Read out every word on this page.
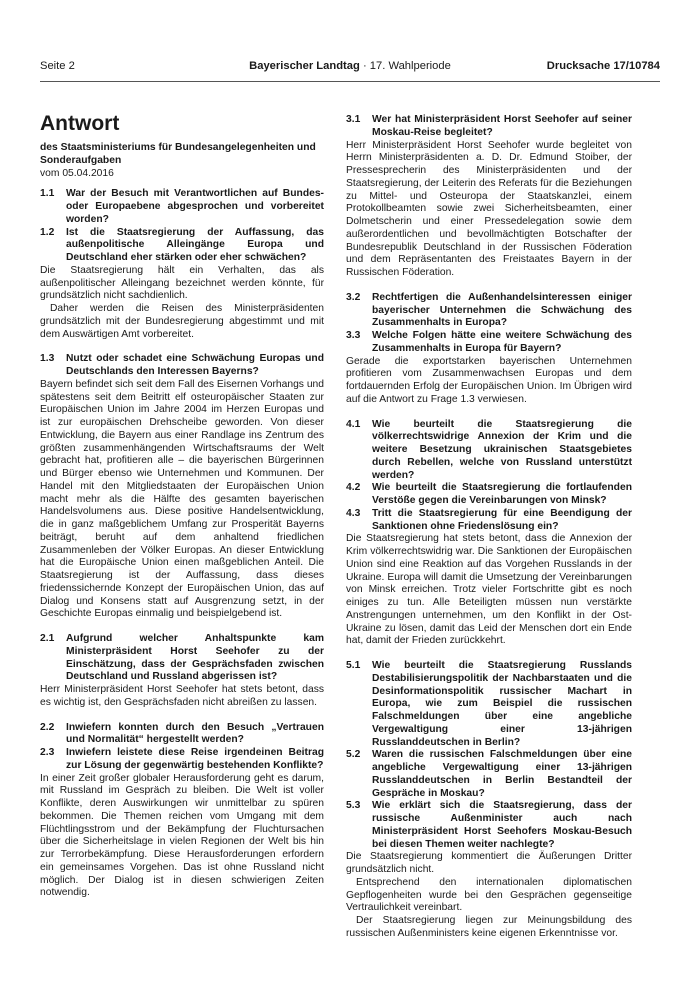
Seite 2	Bayerischer Landtag · 17. Wahlperiode	Drucksache 17/10784
Antwort
des Staatsministeriums für Bundesangelegenheiten und Sonderaufgaben
vom 05.04.2016
1.1	War der Besuch mit Verantwortlichen auf Bundes- oder Europaebene abgesprochen und vorbereitet worden?
1.2	Ist die Staatsregierung der Auffassung, das außenpolitische Alleingänge Europa und Deutschland eher stärken oder eher schwächen?

Die Staatsregierung hält ein Verhalten, das als außenpolitischer Alleingang bezeichnet werden könnte, für grundsätzlich nicht sachdienlich.

Daher werden die Reisen des Ministerpräsidenten grundsätzlich mit der Bundesregierung abgestimmt und mit dem Auswärtigen Amt vorbereitet.

1.3	Nutzt oder schadet eine Schwächung Europas und Deutschlands den Interessen Bayerns?

Bayern befindet sich seit dem Fall des Eisernen Vorhangs und spätestens seit dem Beitritt elf osteuropäischer Staaten zur Europäischen Union im Jahre 2004 im Herzen Europas und ist zur europäischen Drehscheibe geworden. Von dieser Entwicklung, die Bayern aus einer Randlage ins Zentrum des größten zusammenhängenden Wirtschaftsraums der Welt gebracht hat, profitieren alle – die bayerischen Bürgerinnen und Bürger ebenso wie Unternehmen und Kommunen. Der Handel mit den Mitgliedstaaten der Europäischen Union macht mehr als die Hälfte des gesamten bayerischen Handelsvolumens aus. Diese positive Handelsentwicklung, die in ganz maßgeblichem Umfang zur Prosperität Bayerns beiträgt, beruht auf dem anhaltend friedlichen Zusammenleben der Völker Europas. An dieser Entwicklung hat die Europäische Union einen maßgeblichen Anteil. Die Staatsregierung ist der Auffassung, dass dieses friedenssichernde Konzept der Europäischen Union, das auf Dialog und Konsens statt auf Ausgrenzung setzt, in der Geschichte Europas einmalig und beispielgebend ist.

2.1	Aufgrund welcher Anhaltspunkte kam Ministerpräsident Horst Seehofer zu der Einschätzung, dass der Gesprächsfaden zwischen Deutschland und Russland abgerissen ist?

Herr Ministerpräsident Horst Seehofer hat stets betont, dass es wichtig ist, den Gesprächsfaden nicht abreißen zu lassen.

2.2	Inwiefern konnten durch den Besuch „Vertrauen und Normalität“ hergestellt werden?
2.3	Inwiefern leistete diese Reise irgendeinen Beitrag zur Lösung der gegenwärtig bestehenden Konflikte?

In einer Zeit großer globaler Herausforderung geht es darum, mit Russland im Gespräch zu bleiben. Die Welt ist voller Konflikte, deren Auswirkungen wir unmittelbar zu spüren bekommen. Die Themen reichen vom Umgang mit dem Flüchtlingsstrom und der Bekämpfung der Fluchtursachen über die Sicherheitslage in vielen Regionen der Welt bis hin zur Terrorbekämpfung. Diese Herausforderungen erfordern ein gemeinsames Vorgehen. Das ist ohne Russland nicht möglich. Der Dialog ist in diesen schwierigen Zeiten notwendig.

3.1	Wer hat Ministerpräsident Horst Seehofer auf seiner Moskau-Reise begleitet?

Herr Ministerpräsident Horst Seehofer wurde begleitet von Herrn Ministerpräsidenten a. D. Dr. Edmund Stoiber, der Pressesprecherin des Ministerpräsidenten und der Staatsregierung, der Leiterin des Referats für die Beziehungen zu Mittel- und Osteuropa der Staatskanzlei, einem Protokollbeamten sowie zwei Sicherheitsbeamten, einer Dolmetscherin und einer Pressedelegation sowie dem außerordentlichen und bevollmächtigten Botschafter der Bundesrepublik Deutschland in der Russischen Föderation und dem Repräsentanten des Freistaates Bayern in der Russischen Föderation.

3.2	Rechtfertigen die Außenhandelsinteressen einiger bayerischer Unternehmen die Schwächung des Zusammenhalts in Europa?
3.3	Welche Folgen hätte eine weitere Schwächung des Zusammenhalts in Europa für Bayern?

Gerade die exportstarken bayerischen Unternehmen profitieren vom Zusammenwachsen Europas und dem fortdauernden Erfolg der Europäischen Union. Im Übrigen wird auf die Antwort zu Frage 1.3 verwiesen.

4.1	Wie beurteilt die Staatsregierung die völkerrechtswidrige Annexion der Krim und die weitere Besetzung ukrainischen Staatsgebietes durch Rebellen, welche von Russland unterstützt werden?
4.2	Wie beurteilt die Staatsregierung die fortlaufenden Verstöße gegen die Vereinbarungen von Minsk?
4.3	Tritt die Staatsregierung für eine Beendigung der Sanktionen ohne Friedenslösung ein?

Die Staatsregierung hat stets betont, dass die Annexion der Krim völkerrechtswidrig war. Die Sanktionen der Europäischen Union sind eine Reaktion auf das Vorgehen Russlands in der Ukraine. Europa will damit die Umsetzung der Vereinbarungen von Minsk erreichen. Trotz vieler Fortschritte gibt es noch einiges zu tun. Alle Beteiligten müssen nun verstärkte Anstrengungen unternehmen, um den Konflikt in der Ost-Ukraine zu lösen, damit das Leid der Menschen dort ein Ende hat, damit der Frieden zurückkehrt.

5.1	Wie beurteilt die Staatsregierung Russlands Destabilisierungspolitik der Nachbarstaaten und die Desinformationspolitik russischer Machart in Europa, wie zum Beispiel die russischen Falschmeldungen über eine angebliche Vergewaltigung einer 13-jährigen Russlanddeutschen in Berlin?
5.2	Waren die russischen Falschmeldungen über eine angebliche Vergewaltigung einer 13-jährigen Russlanddeutschen in Berlin Bestandteil der Gespräche in Moskau?
5.3	Wie erklärt sich die Staatsregierung, dass der russische Außenminister auch nach Ministerpräsident Horst Seehofers Moskau-Besuch bei diesen Themen weiter nachlegte?

Die Staatsregierung kommentiert die Äußerungen Dritter grundsätzlich nicht.

Entsprechend den internationalen diplomatischen Gepflogenheiten wurde bei den Gesprächen gegenseitige Vertraulichkeit vereinbart.

Der Staatsregierung liegen zur Meinungsbildung des russischen Außenministers keine eigenen Erkenntnisse vor.
